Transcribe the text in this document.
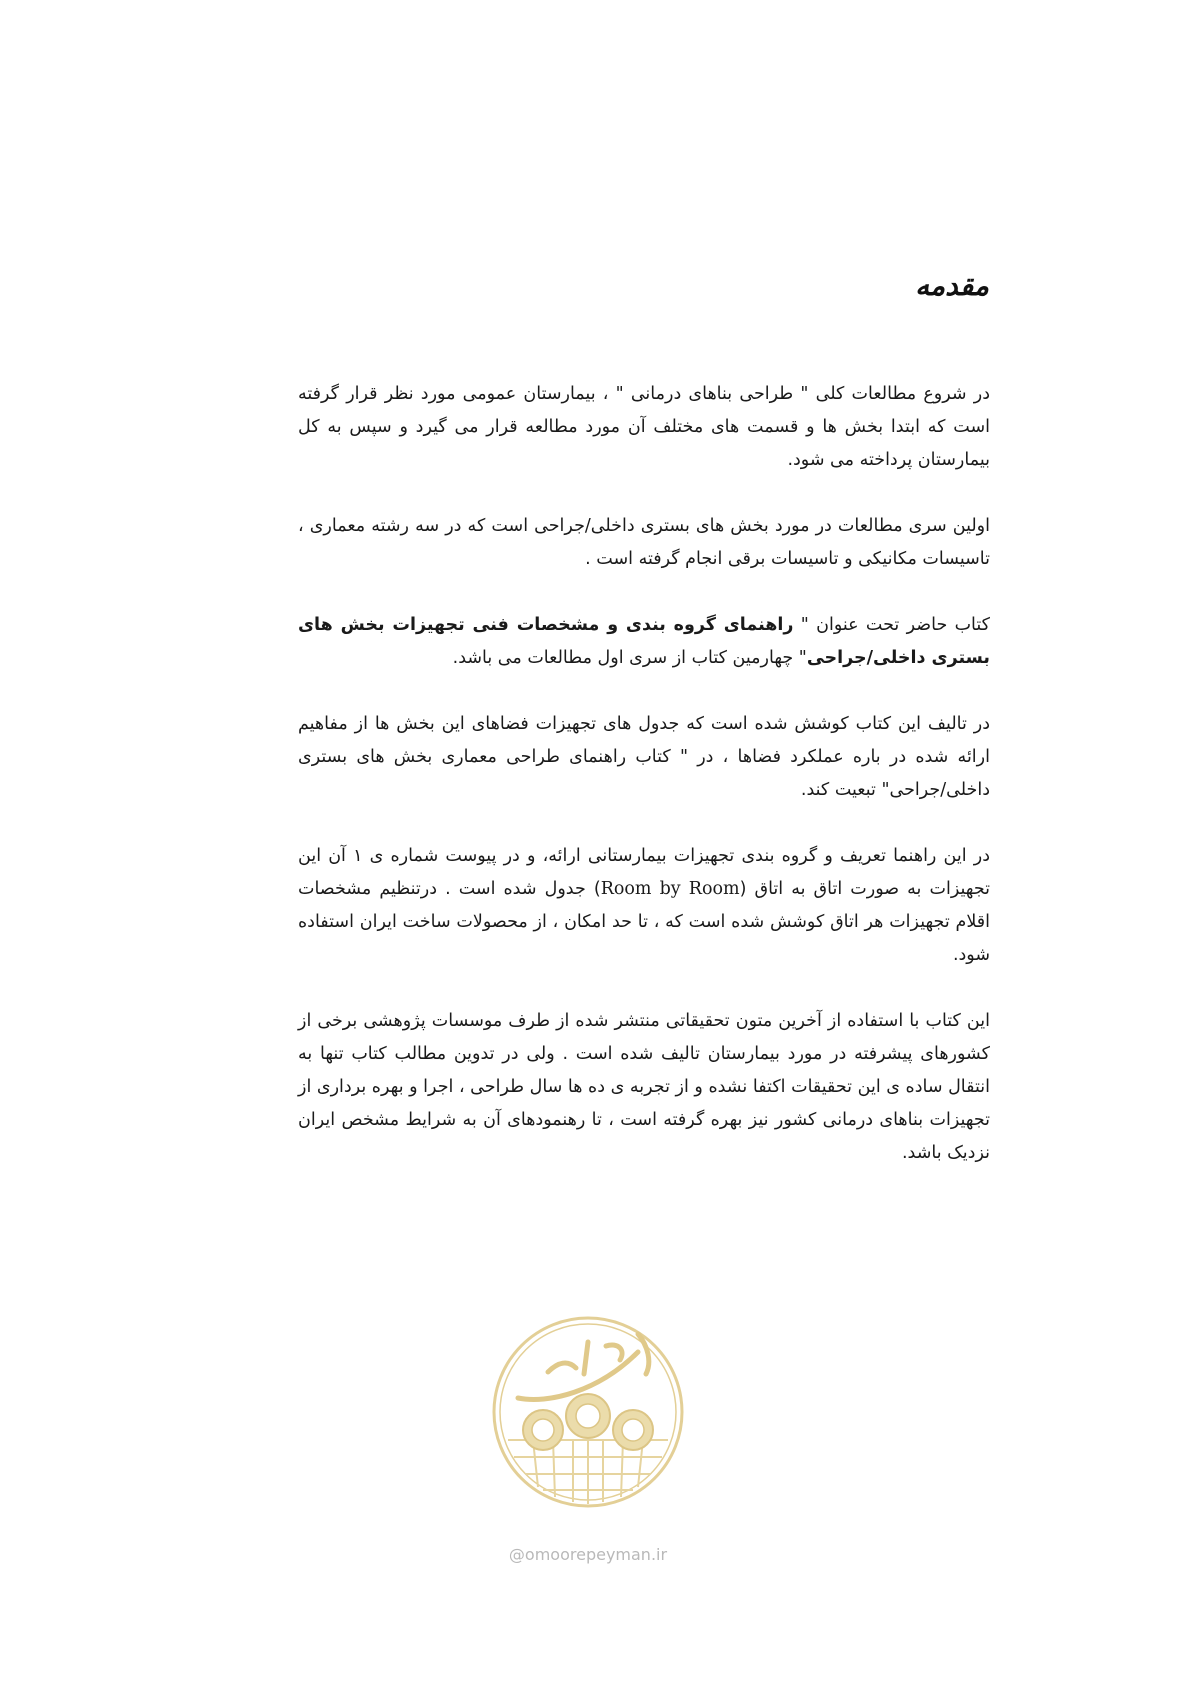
مقدمه

در شروع مطالعات کلی " طراحی بناهای درمانی " ، بیمارستان عمومی مورد نظر قرار گرفته است که ابتدا بخش ها و قسمت های مختلف آن مورد مطالعه قرار می گیرد و سپس به کل بیمارستان پرداخته می شود.

اولین سری مطالعات در مورد بخش های بستری داخلی/جراحی است که در سه رشته معماری ، تاسیسات مکانیکی و تاسیسات برقی انجام گرفته است .

کتاب حاضر تحت عنوان " راهنمای گروه بندی و مشخصات فنی تجهیزات بخش های بستری داخلی/جراحی" چهارمین کتاب از سری اول مطالعات می باشد.

در تالیف این کتاب کوشش شده است که جدول های تجهیزات فضاهای این بخش ها از مفاهیم ارائه شده در باره عملکرد فضاها ، در " کتاب راهنمای طراحی معماری بخش های بستری داخلی/جراحی" تبعیت کند.

در این راهنما تعریف و گروه بندی تجهیزات بیمارستانی ارائه، و در پیوست شماره ی ۱ آن این تجهیزات به صورت اتاق به اتاق (Room by Room) جدول شده است . درتنظیم مشخصات اقلام تجهیزات هر اتاق کوشش شده است که ، تا حد امکان ، از محصولات ساخت ایران استفاده شود.

این کتاب با استفاده از آخرین متون تحقیقاتی منتشر شده از طرف موسسات پژوهشی برخی از کشورهای پیشرفته در مورد بیمارستان تالیف شده است . ولی در تدوین مطالب کتاب تنها به انتقال ساده ی این تحقیقات اکتفا نشده و از تجربه ی ده ها سال طراحی ، اجرا و بهره برداری از تجهیزات بناهای درمانی کشور نیز بهره گرفته است ، تا رهنمودهای آن به شرایط مشخص ایران نزدیک باشد.

@omoorepeyman.ir
